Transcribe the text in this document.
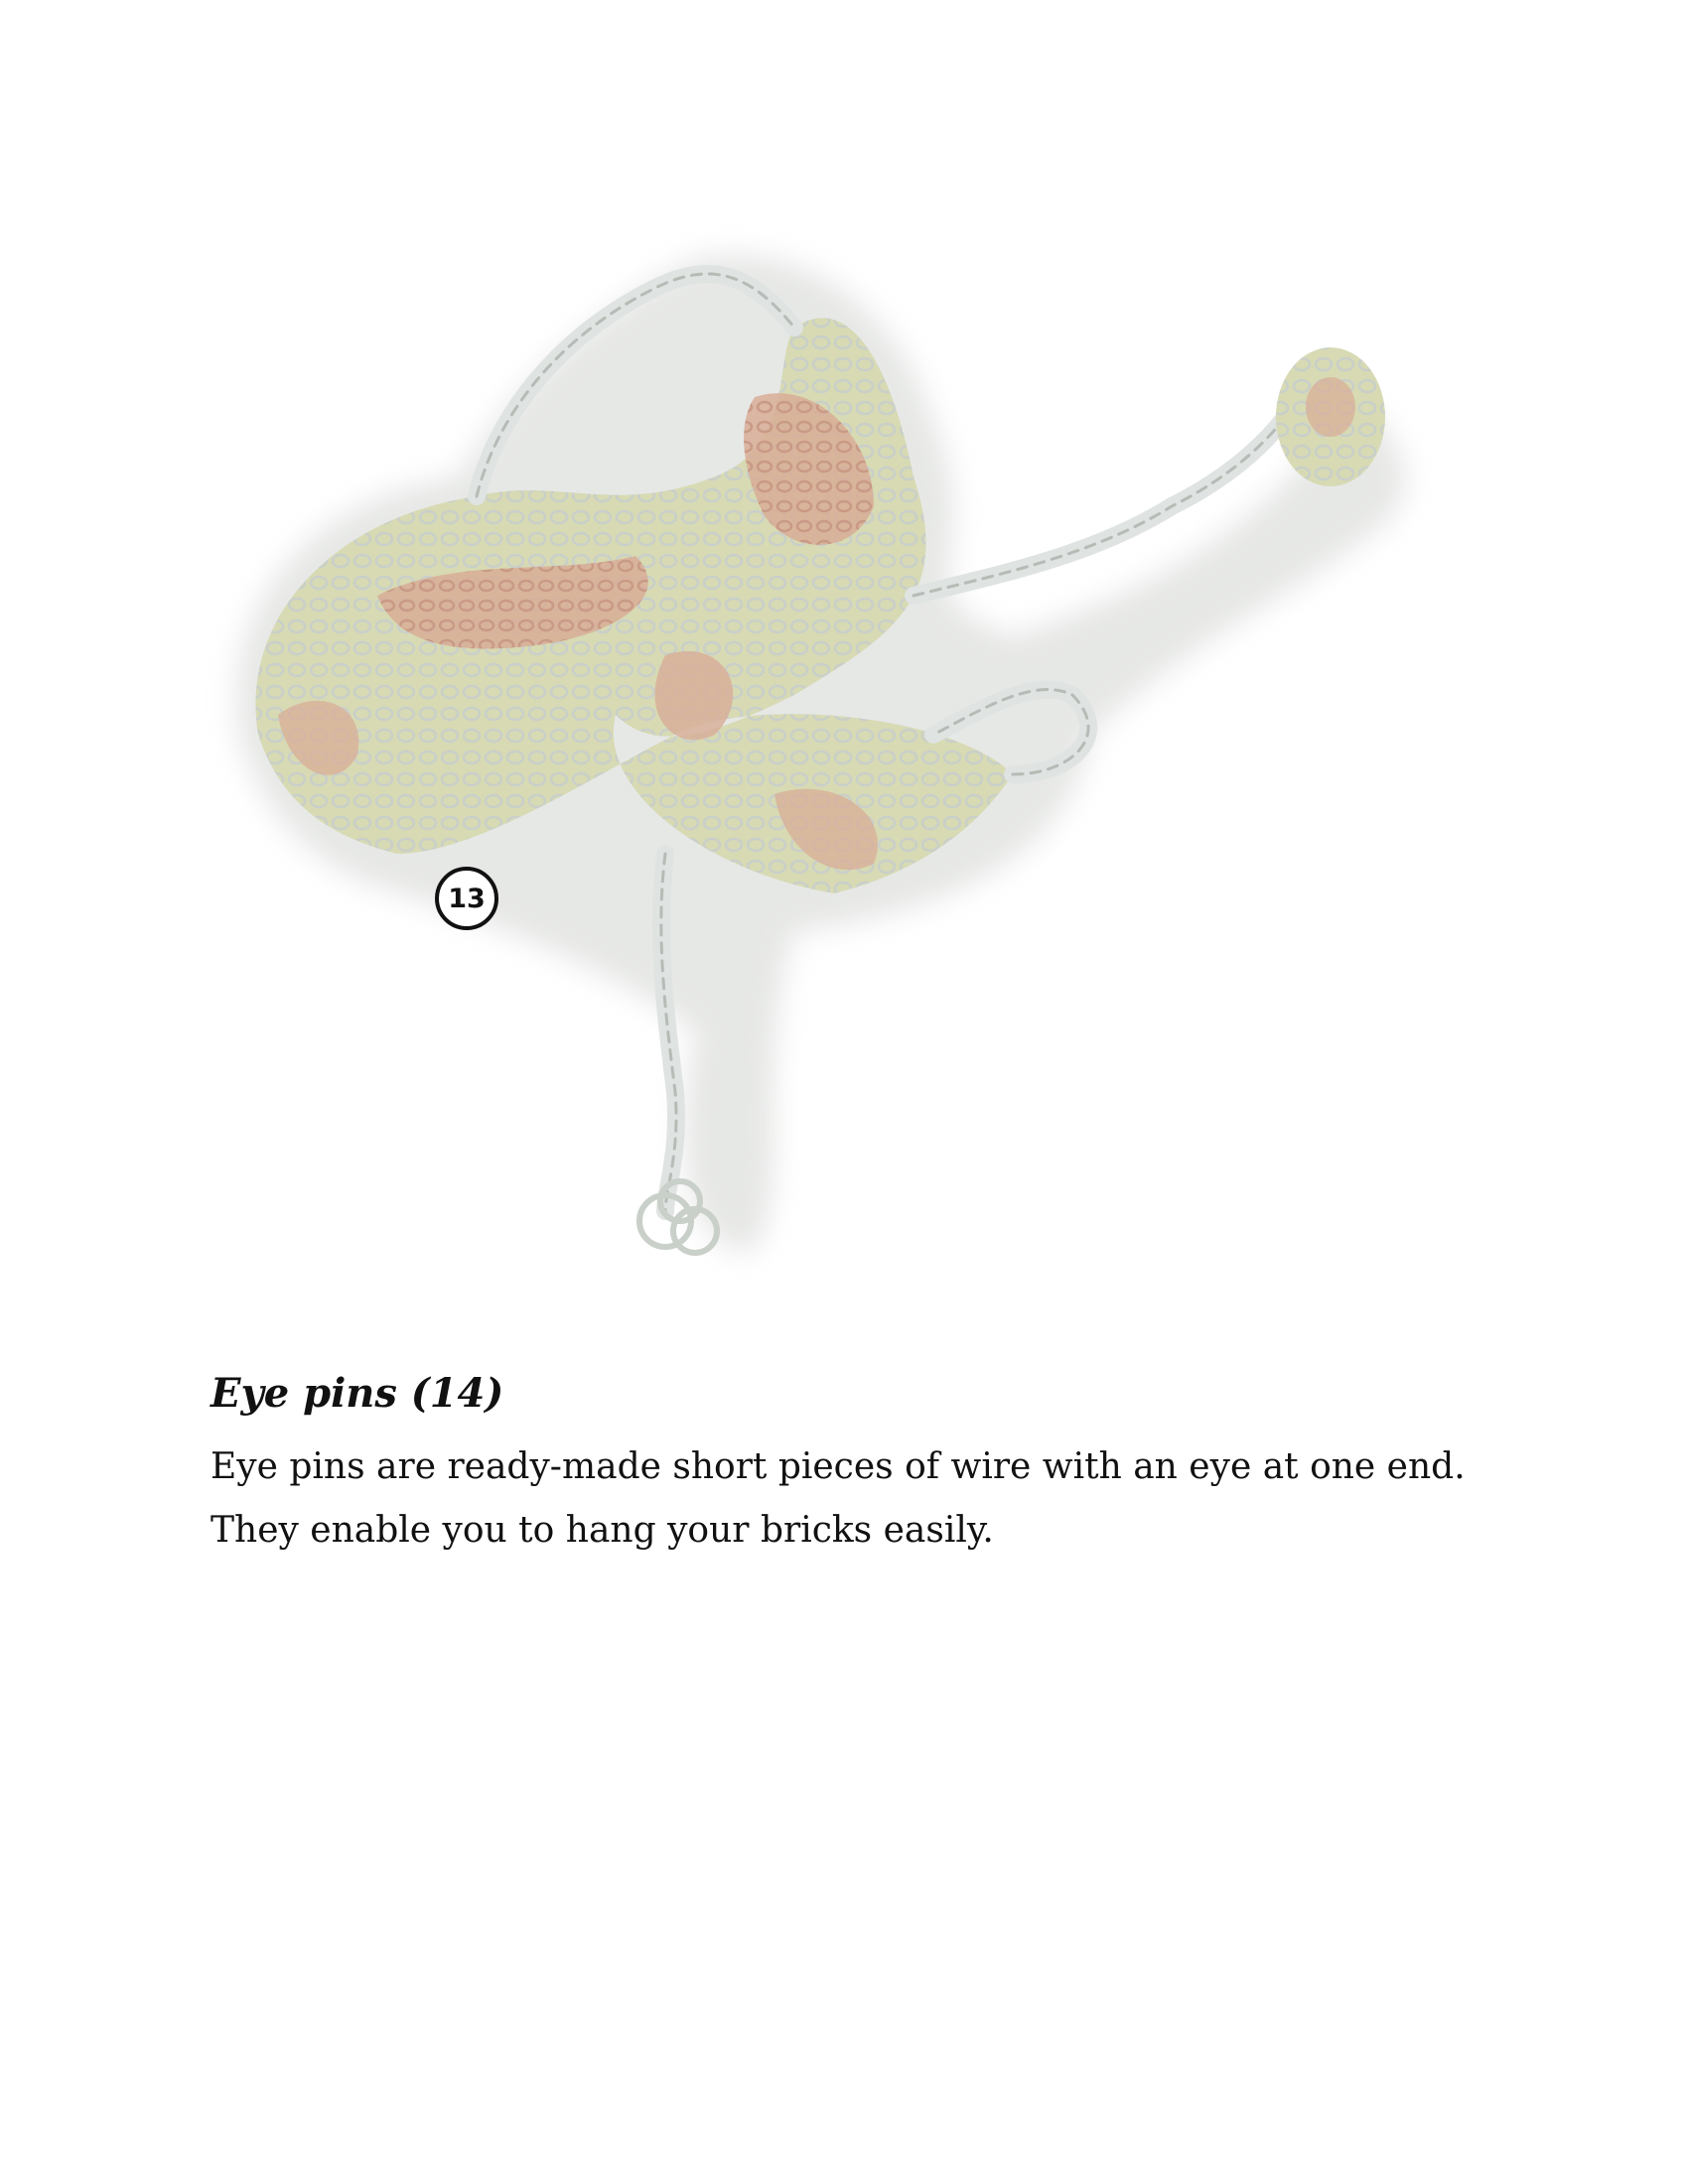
13
Eye pins (14)

Eye pins are ready-made short pieces of wire with an eye at one end.
They enable you to hang your bricks easily.
